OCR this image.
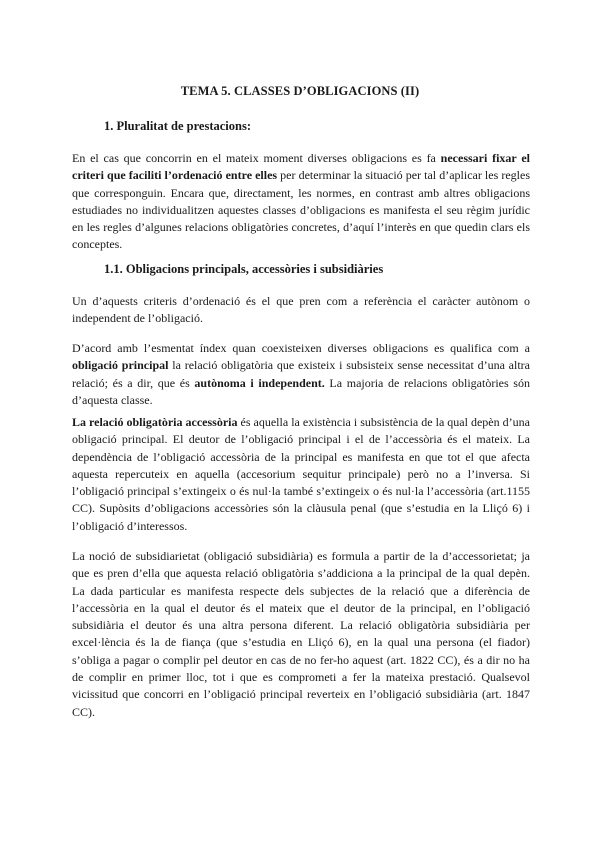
TEMA 5. CLASSES D’OBLIGACIONS (II)
1. Pluralitat de prestacions:

En el cas que concorrin en el mateix moment diverses obligacions es fa necessari fixar el criteri que faciliti l’ordenació entre elles per determinar la situació per tal d’aplicar les regles que corresponguin. Encara que, directament, les normes, en contrast amb altres obligacions estudiades no individualitzen aquestes classes d’obligacions es manifesta el seu règim jurídic en les regles d’algunes relacions obligatòries concretes, d’aquí l’interès en que quedin clars els conceptes.

1.1. Obligacions principals, accessòries i subsidiàries

Un d’aquests criteris d’ordenació és el que pren com a referència el caràcter autònom o independent de l’obligació.

D’acord amb l’esmentat índex quan coexisteixen diverses obligacions es qualifica com a obligació principal la relació obligatòria que existeix i subsisteix sense necessitat d’una altra relació; és a dir, que és autònoma i independent. La majoria de relacions obligatòries són d’aquesta classe.

La relació obligatòria accessòria és aquella la existència i subsistència de la qual depèn d’una obligació principal. El deutor de l’obligació principal i el de l’accessòria és el mateix. La dependència de l’obligació accessòria de la principal es manifesta en que tot el que afecta aquesta repercuteix en aquella (accesorium sequitur principale) però no a l’inversa. Si l’obligació principal s’extingeix o és nul·la també s’extingeix o és nul·la l’accessòria (art.1155 CC). Supòsits d’obligacions accessòries són la clàusula penal (que s’estudia en la Lliçó 6) i l’obligació d’interessos.

La noció de subsidiarietat (obligació subsidiària) es formula a partir de la d’accessorietat; ja que es pren d’ella que aquesta relació obligatòria s’addiciona a la principal de la qual depèn. La dada particular es manifesta respecte dels subjectes de la relació que a diferència de l’accessòria en la qual el deutor és el mateix que el deutor de la principal, en l’obligació subsidiària el deutor és una altra persona diferent. La relació obligatòria subsidiària per excel·lència és la de fiança (que s’estudia en Lliçó 6), en la qual una persona (el fiador) s’obliga a pagar o complir pel deutor en cas de no fer-ho aquest (art. 1822 CC), és a dir no ha de complir en primer lloc, tot i que es comprometi a fer la mateixa prestació. Qualsevol vicissitud que concorri en l’obligació principal reverteix en l’obligació subsidiària (art. 1847 CC).
